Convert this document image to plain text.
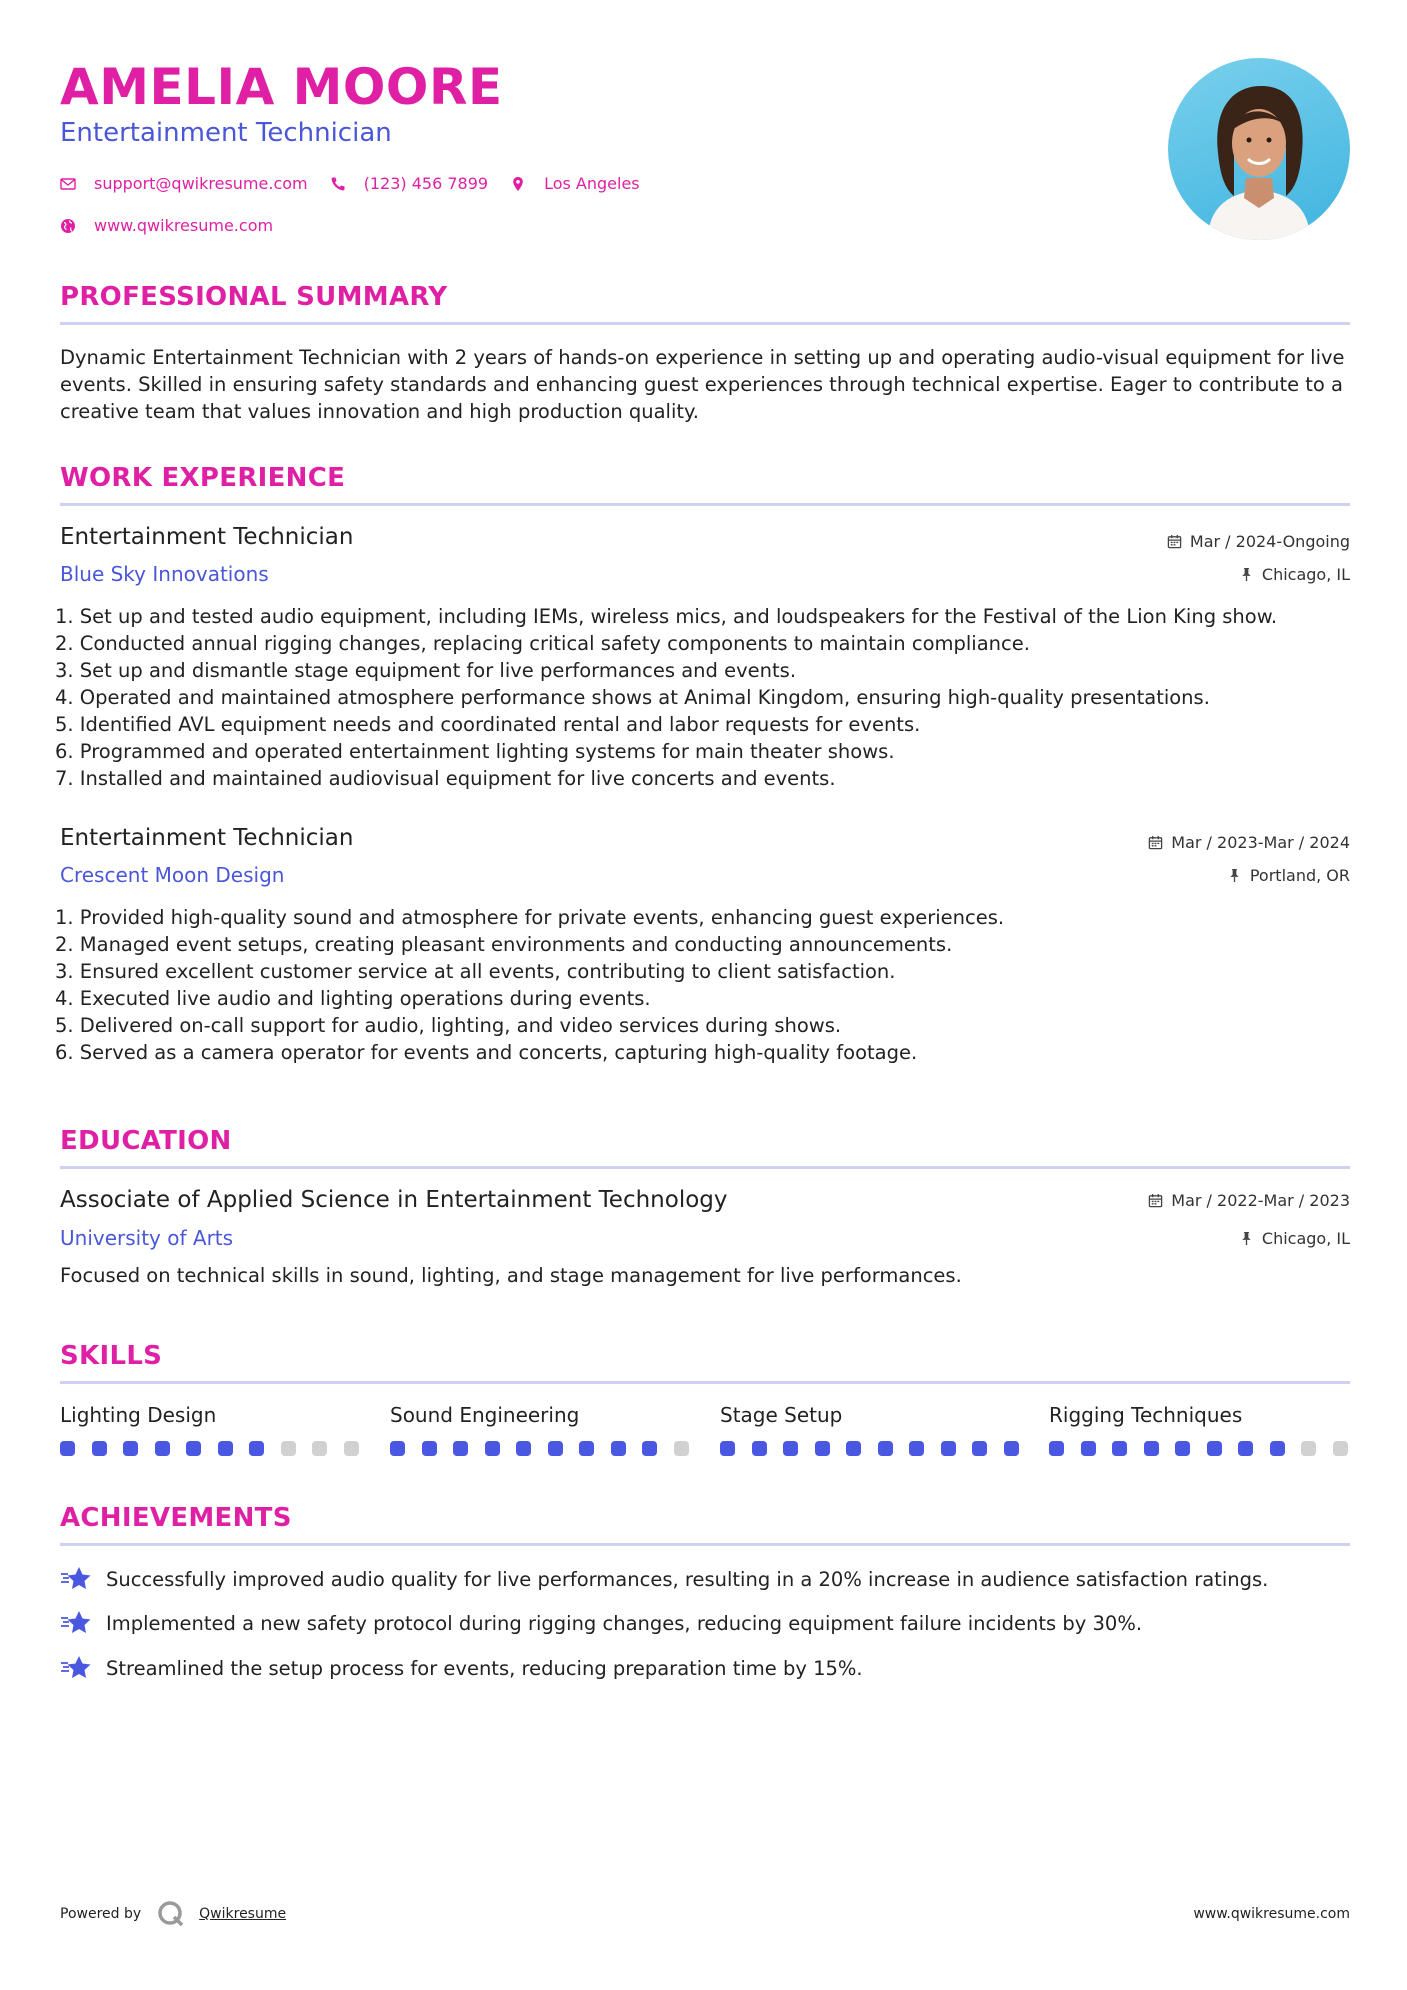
AMELIA MOORE
Entertainment Technician
support@qwikresume.com	(123) 456 7899	Los Angeles
www.qwikresume.com
PROFESSIONAL SUMMARY
Dynamic Entertainment Technician with 2 years of hands-on experience in setting up and operating audio-visual equipment for live events. Skilled in ensuring safety standards and enhancing guest experiences through technical expertise. Eager to contribute to a creative team that values innovation and high production quality.
WORK EXPERIENCE
Entertainment Technician	Mar / 2024-Ongoing
Blue Sky Innovations	Chicago, IL
1. Set up and tested audio equipment, including IEMs, wireless mics, and loudspeakers for the Festival of the Lion King show.
2. Conducted annual rigging changes, replacing critical safety components to maintain compliance.
3. Set up and dismantle stage equipment for live performances and events.
4. Operated and maintained atmosphere performance shows at Animal Kingdom, ensuring high-quality presentations.
5. Identified AVL equipment needs and coordinated rental and labor requests for events.
6. Programmed and operated entertainment lighting systems for main theater shows.
7. Installed and maintained audiovisual equipment for live concerts and events.
Entertainment Technician	Mar / 2023-Mar / 2024
Crescent Moon Design	Portland, OR
1. Provided high-quality sound and atmosphere for private events, enhancing guest experiences.
2. Managed event setups, creating pleasant environments and conducting announcements.
3. Ensured excellent customer service at all events, contributing to client satisfaction.
4. Executed live audio and lighting operations during events.
5. Delivered on-call support for audio, lighting, and video services during shows.
6. Served as a camera operator for events and concerts, capturing high-quality footage.
EDUCATION
Associate of Applied Science in Entertainment Technology	Mar / 2022-Mar / 2023
University of Arts	Chicago, IL
Focused on technical skills in sound, lighting, and stage management for live performances.
SKILLS
Lighting Design	Sound Engineering	Stage Setup	Rigging Techniques
ACHIEVEMENTS
Successfully improved audio quality for live performances, resulting in a 20% increase in audience satisfaction ratings.
Implemented a new safety protocol during rigging changes, reducing equipment failure incidents by 30%.
Streamlined the setup process for events, reducing preparation time by 15%.
Powered by	Qwikresume	www.qwikresume.com
